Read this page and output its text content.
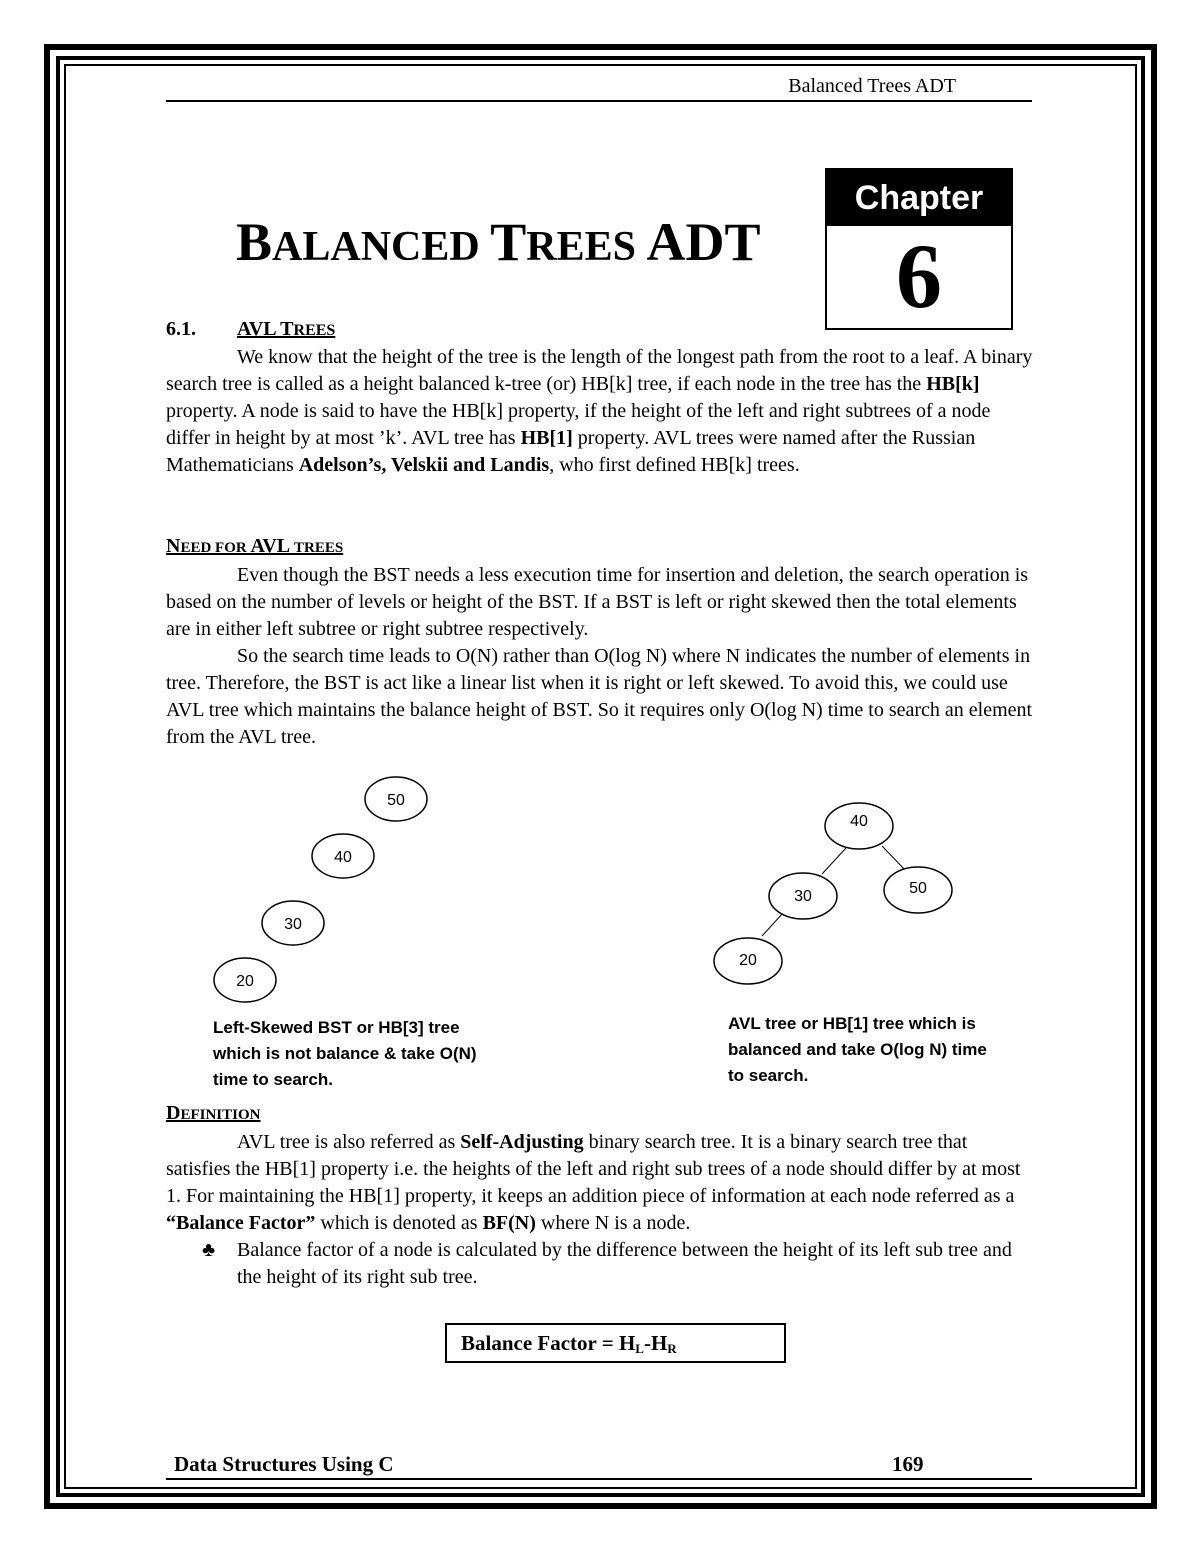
Balanced Trees ADT
Chapter
6
BALANCED TREES ADT

6.1. AVL TREES

We know that the height of the tree is the length of the longest path from the root to a leaf. A binary search tree is called as a height balanced k-tree (or) HB[k] tree, if each node in the tree has the HB[k] property. A node is said to have the HB[k] property, if the height of the left and right subtrees of a node differ in height by at most ’k’. AVL tree has HB[1] property. AVL trees were named after the Russian Mathematicians Adelson’s, Velskii and Landis, who first defined HB[k] trees.

NEED FOR AVL TREES

Even though the BST needs a less execution time for insertion and deletion, the search operation is based on the number of levels or height of the BST. If a BST is left or right skewed then the total elements are in either left subtree or right subtree respectively.

So the search time leads to O(N) rather than O(log N) where N indicates the number of elements in tree. Therefore, the BST is act like a linear list when it is right or left skewed. To avoid this, we could use AVL tree which maintains the balance height of BST. So it requires only O(log N) time to search an element from the AVL tree.

50
40
30
20
40
30	50
20
Left-Skewed BST or HB[3] tree
which is not balance & take O(N)
time to search.
AVL tree or HB[1] tree which is
balanced and take O(log N) time
to search.

DEFINITION

AVL tree is also referred as Self-Adjusting binary search tree. It is a binary search tree that satisfies the HB[1] property i.e. the heights of the left and right sub trees of a node should differ by at most 1. For maintaining the HB[1] property, it keeps an addition piece of information at each node referred as a “Balance Factor” which is denoted as BF(N) where N is a node.

♣ Balance factor of a node is calculated by the difference between the height of its left sub tree and the height of its right sub tree.

Balance Factor = $H_L-H_R$
Data Structures Using C	169
